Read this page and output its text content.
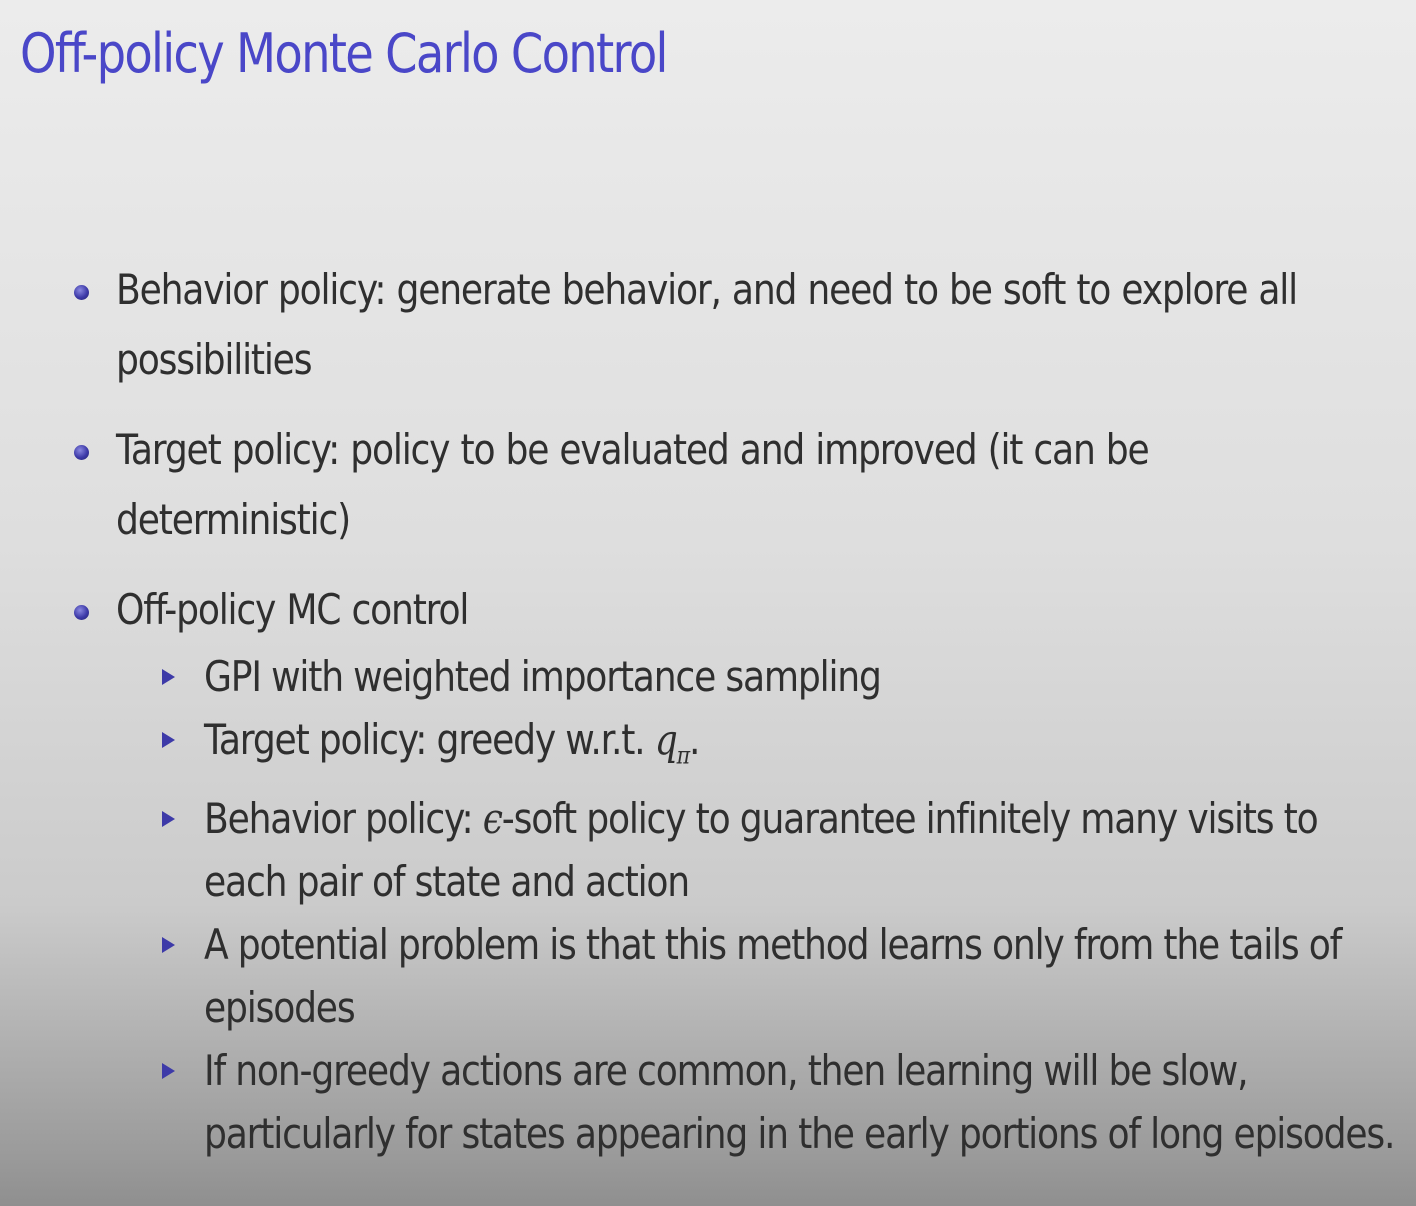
Off-policy Monte Carlo Control
Behavior policy: generate behavior, and need to be soft to explore all possibilities
Target policy: policy to be evaluated and improved (it can be deterministic)
Off-policy MC control
GPI with weighted importance sampling
Target policy: greedy w.r.t. $q_\pi$.
Behavior policy: ϵ-soft policy to guarantee infinitely many visits to each pair of state and action
A potential problem is that this method learns only from the tails of episodes
If non-greedy actions are common, then learning will be slow, particularly for states appearing in the early portions of long episodes.
